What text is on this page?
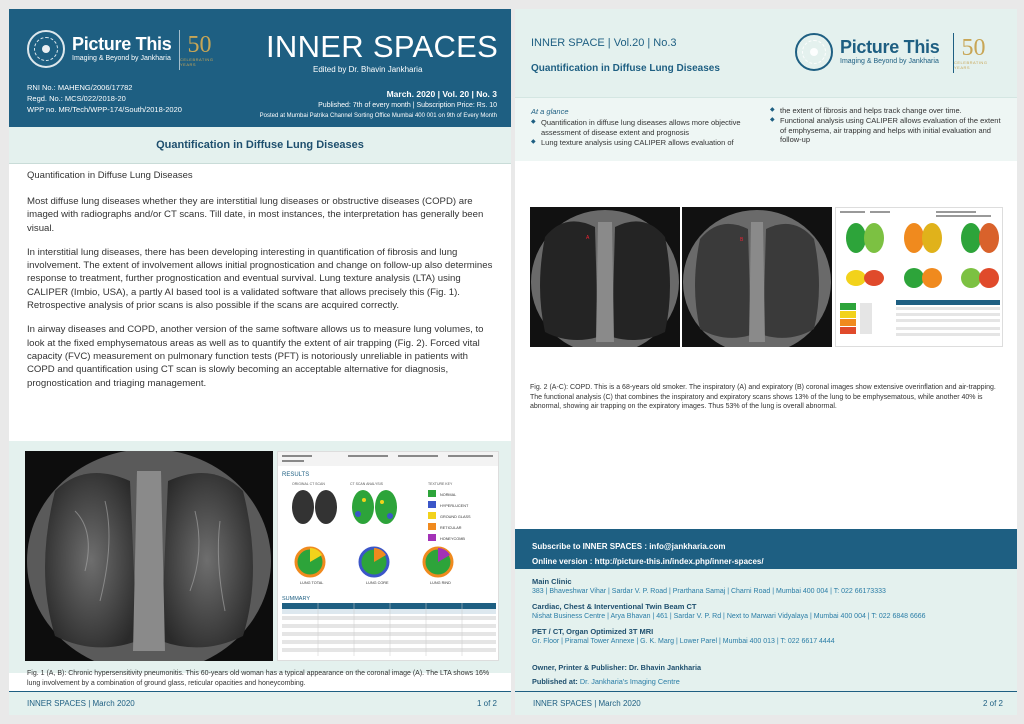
Picture This
Imaging & Beyond by Jankharia 50
CELEBRATING YEARS
INNER SPACES
Edited by Dr. Bhavin Jankharia
RNI No.: MAHENG/2006/17782
Regd. No.: MCS/022/2018-20
WPP no. MR/Tech/WPP-174/South/2018-2020
March. 2020 | Vol. 20 | No. 3
Published: 7th of every month | Subscription Price: Rs. 10
Posted at Mumbai Patrika Channel Sorting Office Mumbai 400 001 on 9th of Every Month
Quantification in Diffuse Lung Diseases
Quantification in Diffuse Lung Diseases

Most diffuse lung diseases whether they are interstitial lung diseases or obstructive diseases (COPD) are imaged with radiographs and/or CT scans. Till date, in most instances, the interpretation has generally been visual.

In interstitial lung diseases, there has been developing interesting in quantification of fibrosis and lung involvement. The extent of involvement allows initial prognostication and change on follow-up also determines response to treatment, further prognostication and eventual survival. Lung texture analysis (LTA) using CALIPER (Imbio, USA), a partly AI based tool is a validated software that allows precisely this (Fig. 1). Retrospective analysis of prior scans is also possible if the scans are acquired correctly.

In airway diseases and COPD, another version of the same software allows us to measure lung volumes, to look at the fixed emphysematous areas as well as to quantify the extent of air trapping (Fig. 2). Forced vital capacity (FVC) measurement on pulmonary function tests (PFT) is notoriously unreliable in patients with COPD and quantification using CT scan is slowly becoming an acceptable alternative for diagnosis, prognostication and triaging management.

RESULTS
ORIGINAL CT SCAN	CT SCAN ANALYSIS	TEXTURE KEY
NORMAL
HYPERLUCENT
GROUND GLASS
RETICULAR
HONEYCOMB
LUNG TOTAL	LUNG CORE	LUNG RIND
SUMMARY
Fig. 1 (A, B): Chronic hypersensitivity pneumonitis. This 60-years old woman has a typical appearance on the coronal image (A). The LTA shows 16% lung involvement by a combination of ground glass, reticular opacities and honeycombing.
INNER SPACES | March 2020	1 of 2
INNER SPACE | Vol.20 | No.3
Quantification in Diffuse Lung Diseases
Picture This
Imaging & Beyond by Jankharia 50
CELEBRATING YEARS
At a glance
◆ Quantification in diffuse lung diseases allows more objective assessment of disease extent and prognosis
◆ Lung texture analysis using CALIPER allows evaluation of
◆ the extent of fibrosis and helps track change over time.
◆ Functional analysis using CALIPER allows evaluation of the extent of emphysema, air trapping and helps with initial evaluation and follow-up
A	B
Fig. 2 (A-C): COPD. This is a 68-years old smoker. The inspiratory (A) and expiratory (B) coronal images show extensive overinflation and air-trapping. The functional analysis (C) that combines the inspiratory and expiratory scans shows 13% of the lung to be emphysematous, while another 40% is abnormal, showing air trapping on the expiratory images. Thus 53% of the lung is overall abnormal.
Subscribe to INNER SPACES : info@jankharia.com
Online version : http://picture-this.in/index.php/inner-spaces/
Main Clinic
383 | Bhaveshwar Vihar | Sardar V. P. Road | Prarthana Samaj | Charni Road | Mumbai 400 004 | T: 022 66173333
Cardiac, Chest & Interventional Twin Beam CT
Nishat Business Centre | Arya Bhavan | 461 | Sardar V. P. Rd | Next to Marwari Vidyalaya | Mumbai 400 004 | T: 022 6848 6666
PET / CT, Organ Optimized 3T MRI
Gr. Floor | Piramal Tower Annexe | G. K. Marg | Lower Parel | Mumbai 400 013 | T: 022 6617 4444
Owner, Printer & Publisher: Dr. Bhavin Jankharia
Published at: Dr. Jankharia's Imaging Centre
INNER SPACES | March 2020	2 of 2
